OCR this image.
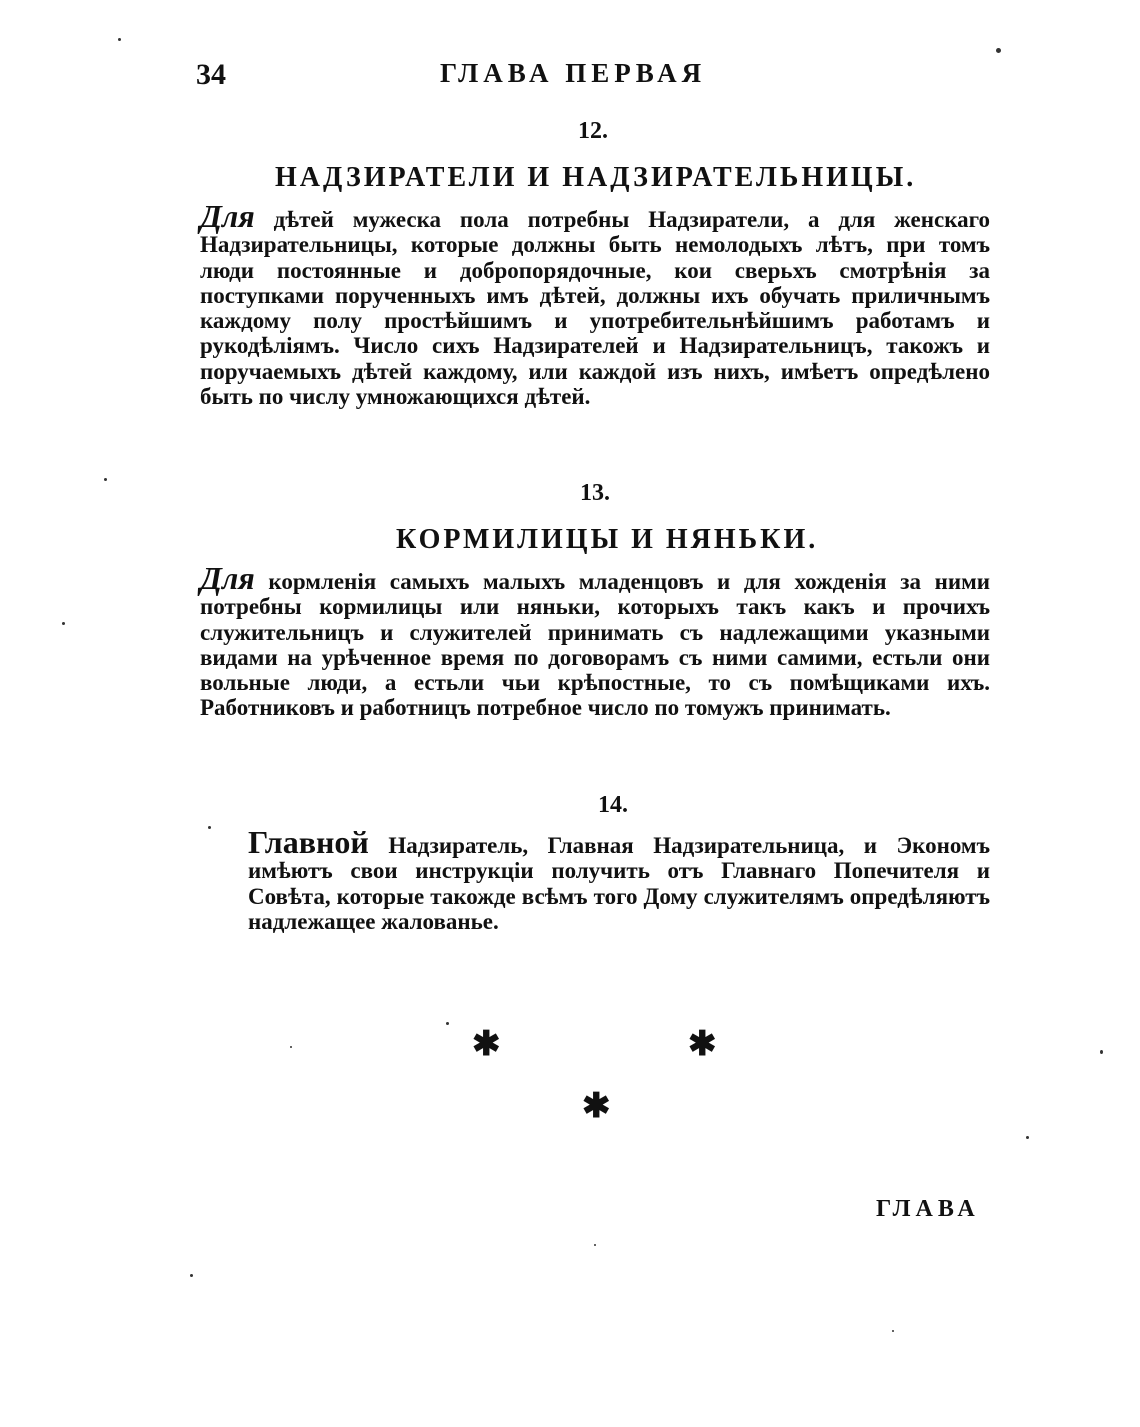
34	ГЛАВА ПЕРВАЯ
12.
НАДЗИРАТЕЛИ И НАДЗИРАТЕЛЬНИЦЫ.

Для дѣтей мужеска пола потребны Надзиратели, а для женскаго Надзирательницы, которые должны быть немолодыхъ лѣтъ, при томъ люди постоянные и добропорядочные, кои сверьхъ смотрѣнія за поступками порученныхъ имъ дѣтей, должны ихъ обучать приличнымъ каждому полу простѣйшимъ и употребительнѣйшимъ работамъ и рукодѣліямъ. Число сихъ Надзирателей и Надзирательницъ, такожъ и поручаемыхъ дѣтей каждому, или каждой изъ нихъ, имѣетъ опредѣлено быть по числу умножающихся дѣтей.

13.
КОРМИЛИЦЫ И НЯНЬКИ.

Для кормленія самыхъ малыхъ младенцовъ и для хожденія за ними потребны кормилицы или няньки, которыхъ такъ какъ и прочихъ служительницъ и служителей принимать съ надлежащими указными видами на урѣченное время по договорамъ съ ними самими, естьли они вольные люди, а естьли чьи крѣпостные, то съ помѣщиками ихъ. Работниковъ и работницъ потребное число по томужъ принимать.

14.

Главной Надзиратель, Главная Надзирательница, и Экономъ имѣютъ свои инструкціи получить отъ Главнаго Попечителя и Совѣта, которые такожде всѣмъ того Дому служителямъ опредѣляютъ надлежащее жалованье.

✱	✱
✱
ГЛАВА
